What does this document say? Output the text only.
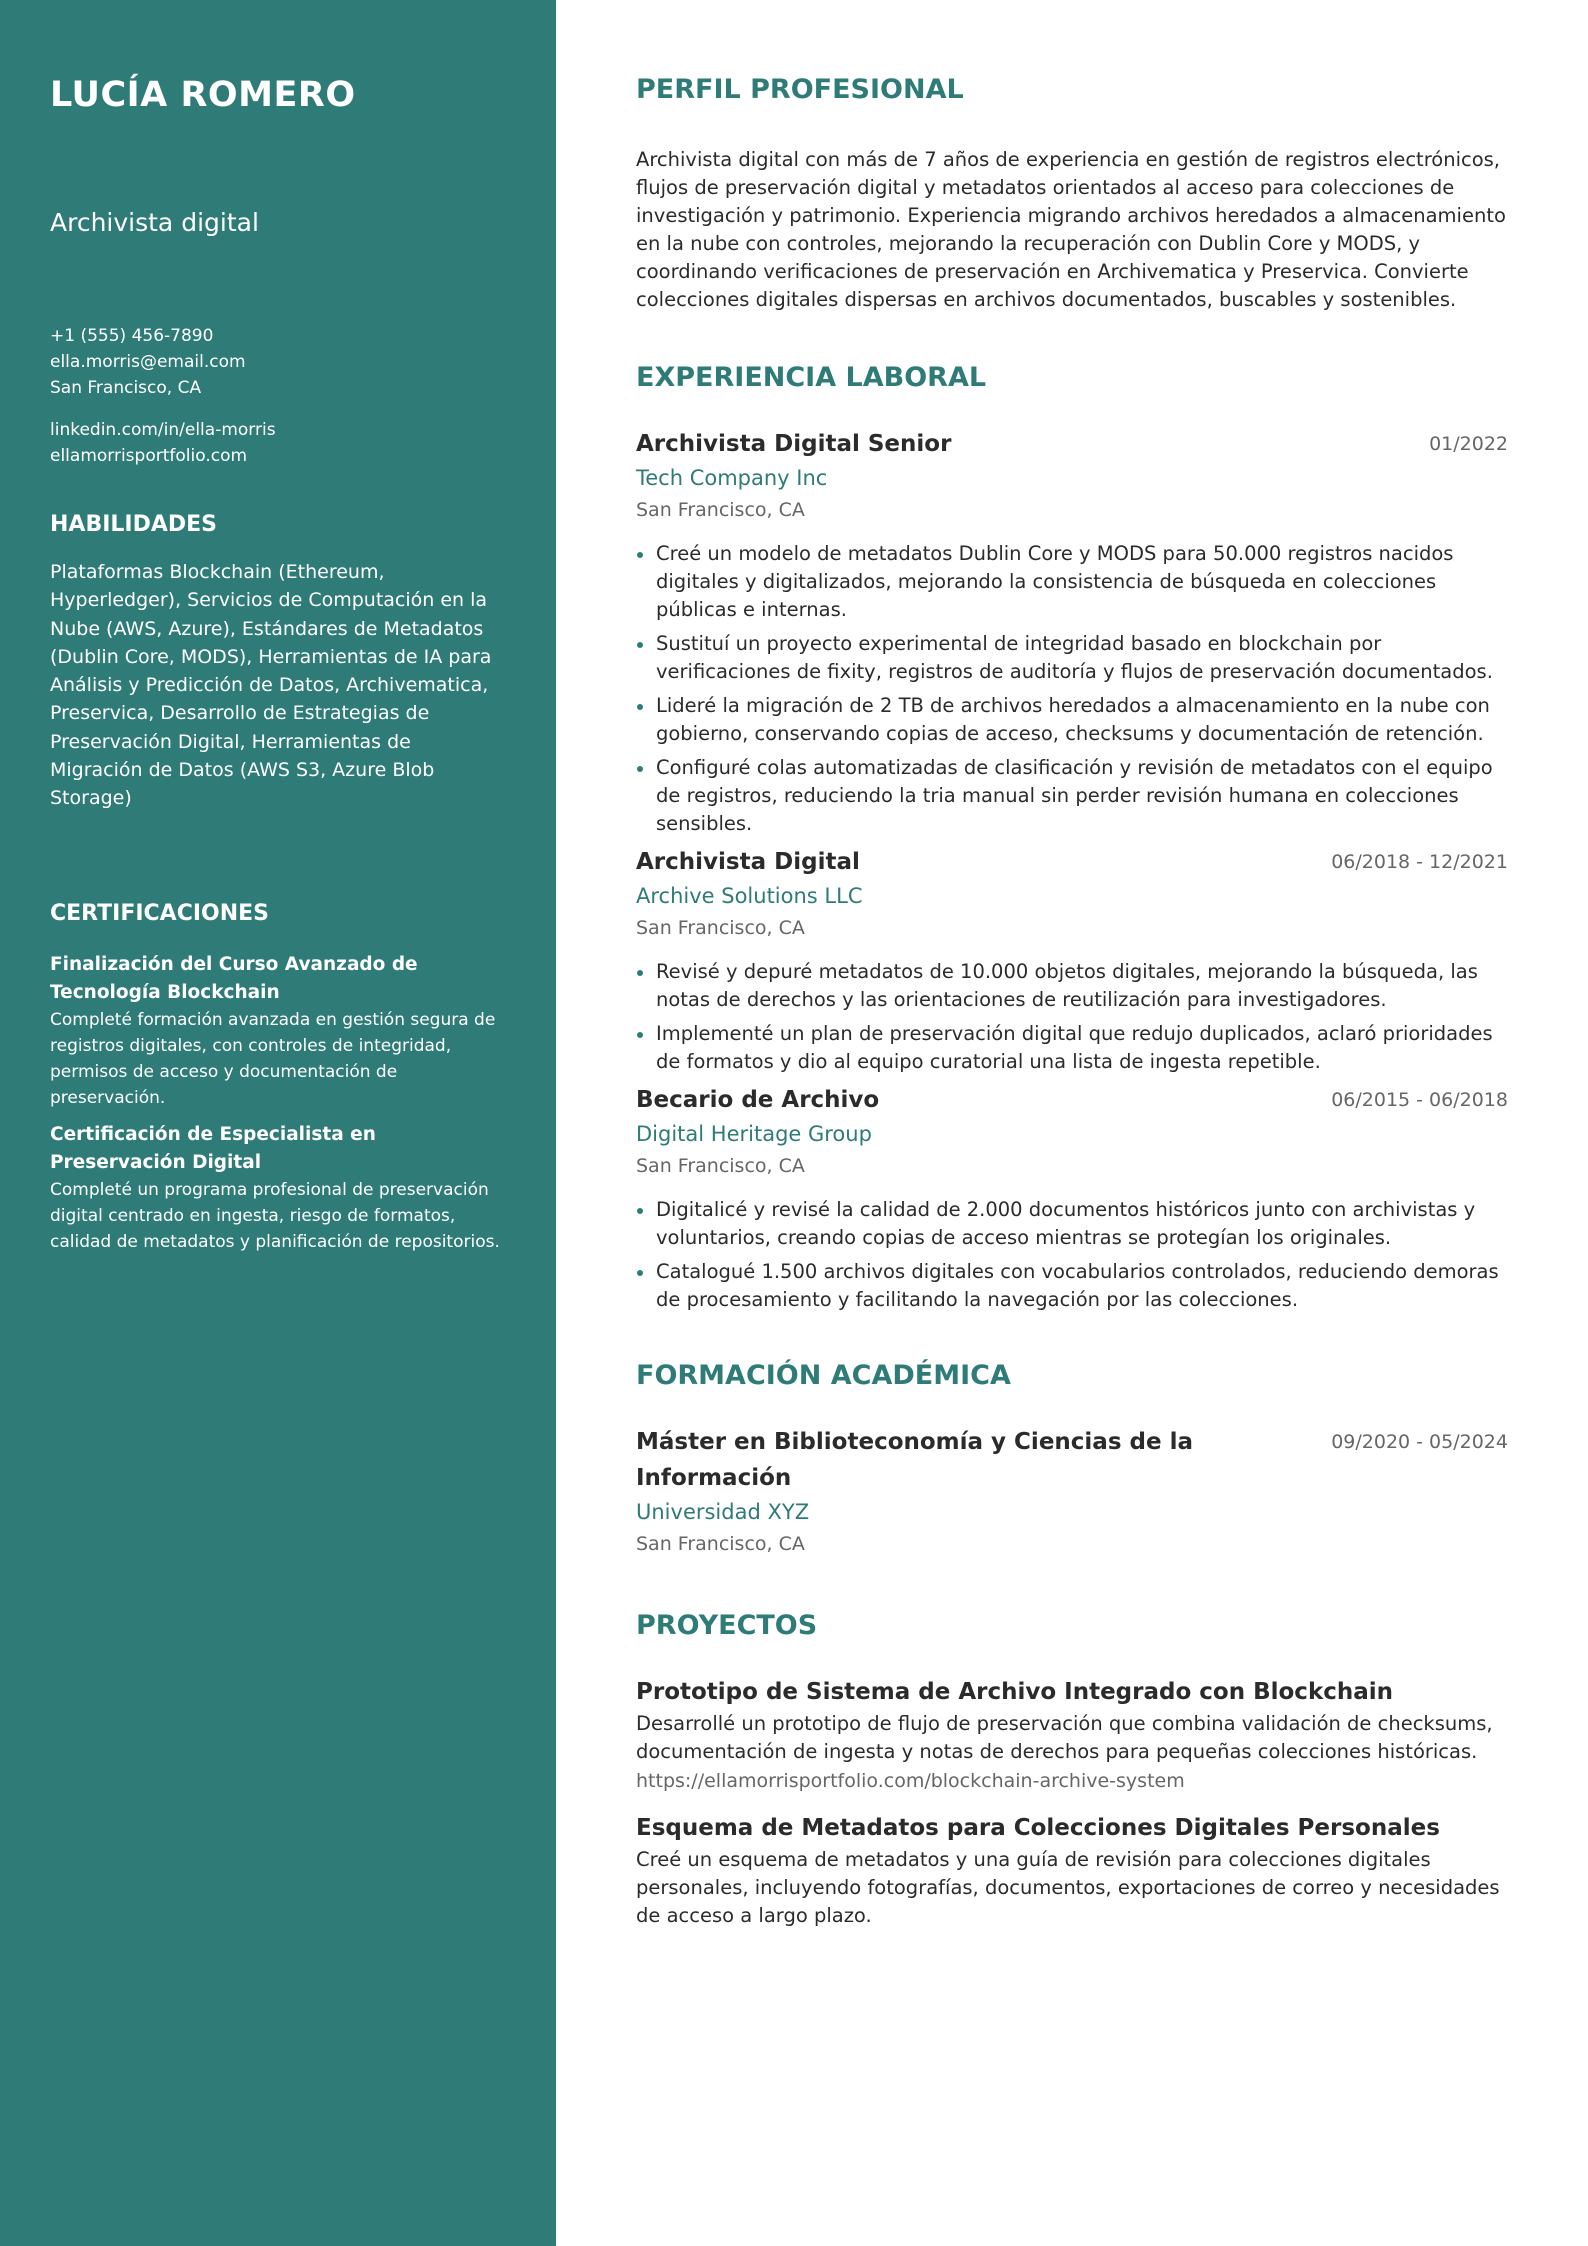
LUCÍA ROMERO
Archivista digital
+1 (555) 456-7890
ella.morris@email.com
San Francisco, CA
linkedin.com/in/ella-morris
ellamorrisportfolio.com
HABILIDADES

Plataformas Blockchain (Ethereum, Hyperledger), Servicios de Computación en la Nube (AWS, Azure), Estándares de Metadatos (Dublin Core, MODS), Herramientas de IA para Análisis y Predicción de Datos, Archivematica, Preservica, Desarrollo de Estrategias de Preservación Digital, Herramientas de Migración de Datos (AWS S3, Azure Blob Storage)

CERTIFICACIONES
Finalización del Curso Avanzado de Tecnología Blockchain
Completé formación avanzada en gestión segura de registros digitales, con controles de integridad, permisos de acceso y documentación de preservación.
Certificación de Especialista en Preservación Digital
Completé un programa profesional de preservación digital centrado en ingesta, riesgo de formatos, calidad de metadatos y planificación de repositorios.
PERFIL PROFESIONAL

Archivista digital con más de 7 años de experiencia en gestión de registros electrónicos, flujos de preservación digital y metadatos orientados al acceso para colecciones de investigación y patrimonio. Experiencia migrando archivos heredados a almacenamiento en la nube con controles, mejorando la recuperación con Dublin Core y MODS, y coordinando verificaciones de preservación en Archivematica y Preservica. Convierte colecciones digitales dispersas en archivos documentados, buscables y sostenibles.

EXPERIENCIA LABORAL
Archivista Digital Senior	01/2022
Tech Company Inc
San Francisco, CA
Creé un modelo de metadatos Dublin Core y MODS para 50.000 registros nacidos digitales y digitalizados, mejorando la consistencia de búsqueda en colecciones públicas e internas.
Sustituí un proyecto experimental de integridad basado en blockchain por verificaciones de fixity, registros de auditoría y flujos de preservación documentados.
Lideré la migración de 2 TB de archivos heredados a almacenamiento en la nube con gobierno, conservando copias de acceso, checksums y documentación de retención.
Configuré colas automatizadas de clasificación y revisión de metadatos con el equipo de registros, reduciendo la tria manual sin perder revisión humana en colecciones sensibles.
Archivista Digital	06/2018 - 12/2021
Archive Solutions LLC
San Francisco, CA
Revisé y depuré metadatos de 10.000 objetos digitales, mejorando la búsqueda, las notas de derechos y las orientaciones de reutilización para investigadores.
Implementé un plan de preservación digital que redujo duplicados, aclaró prioridades de formatos y dio al equipo curatorial una lista de ingesta repetible.
Becario de Archivo	06/2015 - 06/2018
Digital Heritage Group
San Francisco, CA
Digitalicé y revisé la calidad de 2.000 documentos históricos junto con archivistas y voluntarios, creando copias de acceso mientras se protegían los originales.
Catalogué 1.500 archivos digitales con vocabularios controlados, reduciendo demoras de procesamiento y facilitando la navegación por las colecciones.
FORMACIÓN ACADÉMICA
Máster en Biblioteconomía y Ciencias de la Información
09/2020 - 05/2024
Universidad XYZ
San Francisco, CA
PROYECTOS
Prototipo de Sistema de Archivo Integrado con Blockchain
Desarrollé un prototipo de flujo de preservación que combina validación de checksums, documentación de ingesta y notas de derechos para pequeñas colecciones históricas.
https://ellamorrisportfolio.com/blockchain-archive-system
Esquema de Metadatos para Colecciones Digitales Personales
Creé un esquema de metadatos y una guía de revisión para colecciones digitales personales, incluyendo fotografías, documentos, exportaciones de correo y necesidades de acceso a largo plazo.
